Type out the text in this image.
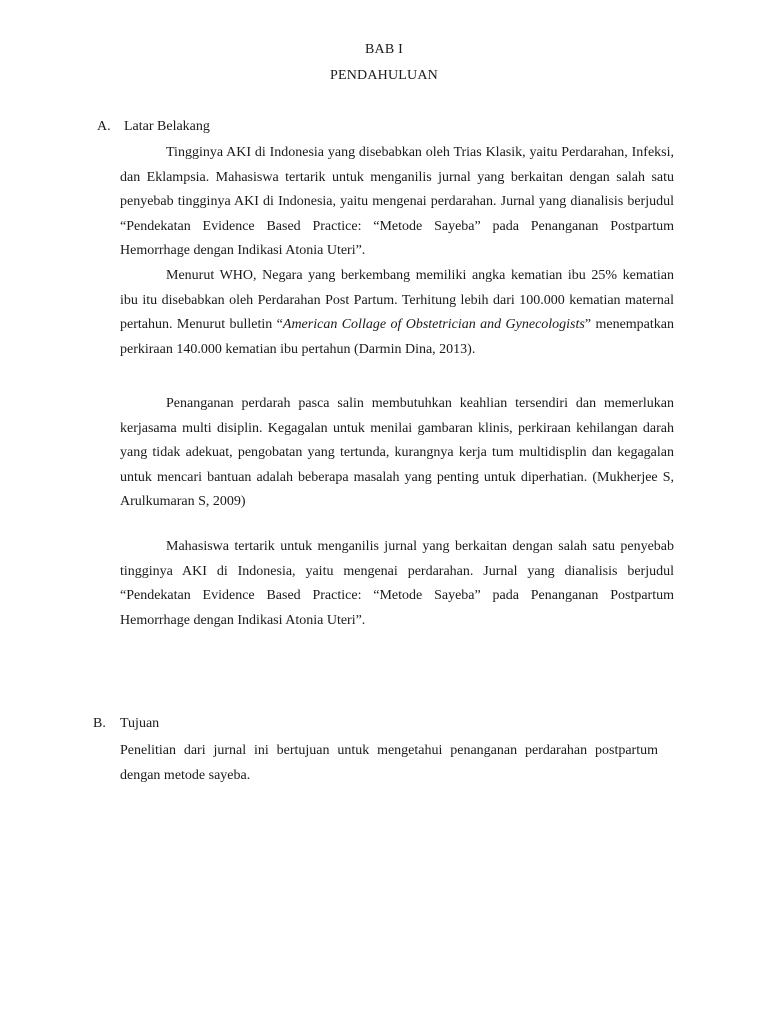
BAB I
PENDAHULUAN
A. Latar Belakang

Tingginya AKI di Indonesia yang disebabkan oleh Trias Klasik, yaitu Perdarahan, Infeksi, dan Eklampsia. Mahasiswa tertarik untuk menganilis jurnal yang berkaitan dengan salah satu penyebab tingginya AKI di Indonesia, yaitu mengenai perdarahan. Jurnal yang dianalisis berjudul “Pendekatan Evidence Based Practice: “Metode Sayeba” pada Penanganan Postpartum Hemorrhage dengan Indikasi Atonia Uteri”.

Menurut WHO, Negara yang berkembang memiliki angka kematian ibu 25% kematian ibu itu disebabkan oleh Perdarahan Post Partum. Terhitung lebih dari 100.000 kematian maternal pertahun. Menurut bulletin “American Collage of Obstetrician and Gynecologists” menempatkan perkiraan 140.000 kematian ibu pertahun (Darmin Dina, 2013).

Penanganan perdarah pasca salin membutuhkan keahlian tersendiri dan memerlukan kerjasama multi disiplin. Kegagalan untuk menilai gambaran klinis, perkiraan kehilangan darah yang tidak adekuat, pengobatan yang tertunda, kurangnya kerja tum multidisplin dan kegagalan untuk mencari bantuan adalah beberapa masalah yang penting untuk diperhatian. (Mukherjee S, Arulkumaran S, 2009)

Mahasiswa tertarik untuk menganilis jurnal yang berkaitan dengan salah satu penyebab tingginya AKI di Indonesia, yaitu mengenai perdarahan. Jurnal yang dianalisis berjudul “Pendekatan Evidence Based Practice: “Metode Sayeba” pada Penanganan Postpartum Hemorrhage dengan Indikasi Atonia Uteri”.

B. Tujuan

Penelitian dari jurnal ini bertujuan untuk mengetahui penanganan perdarahan postpartum dengan metode sayeba.
